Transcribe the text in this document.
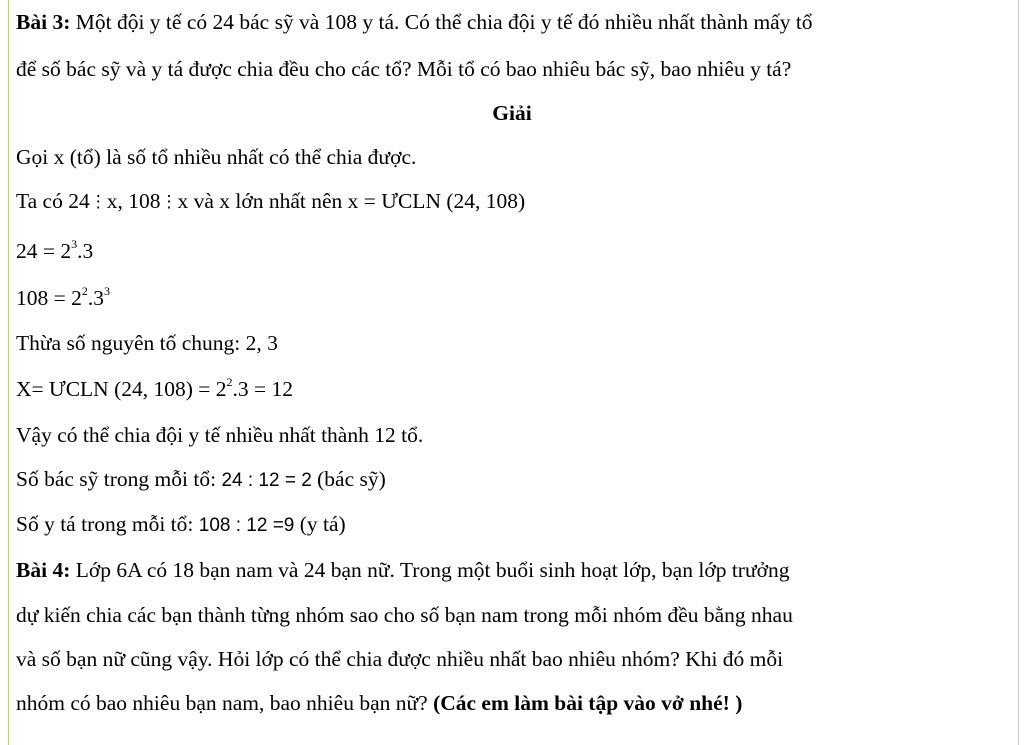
Bài 3: Một đội y tế có 24 bác sỹ và 108 y tá. Có thể chia đội y tế đó nhiều nhất thành mấy tổ
để số bác sỹ và y tá được chia đều cho các tổ? Mỗi tổ có bao nhiêu bác sỹ, bao nhiêu y tá?
Giải
Gọi x (tổ) là số tổ nhiều nhất có thể chia được.
Ta có 24⋮x, 108⋮x và x lớn nhất nên x = ƯCLN (24, 108)
$24 = 2^3.3$
$108 = 2^2.3^3$
Thừa số nguyên tố chung: 2, 3
X= ƯCLN (24, $108) = 2^2.3 = 12$
Vậy có thể chia đội y tế nhiều nhất thành 12 tổ.
Số bác sỹ trong mỗi tổ: 24 : 12 = 2 (bác sỹ)
Số y tá trong mỗi tổ: 108 : 12 =9 (y tá)
Bài 4: Lớp 6A có 18 bạn nam và 24 bạn nữ. Trong một buổi sinh hoạt lớp, bạn lớp trưởng
dự kiến chia các bạn thành từng nhóm sao cho số bạn nam trong mỗi nhóm đều bằng nhau
và số bạn nữ cũng vậy. Hỏi lớp có thể chia được nhiều nhất bao nhiêu nhóm? Khi đó mỗi
nhóm có bao nhiêu bạn nam, bao nhiêu bạn nữ? (Các em làm bài tập vào vở nhé! )
